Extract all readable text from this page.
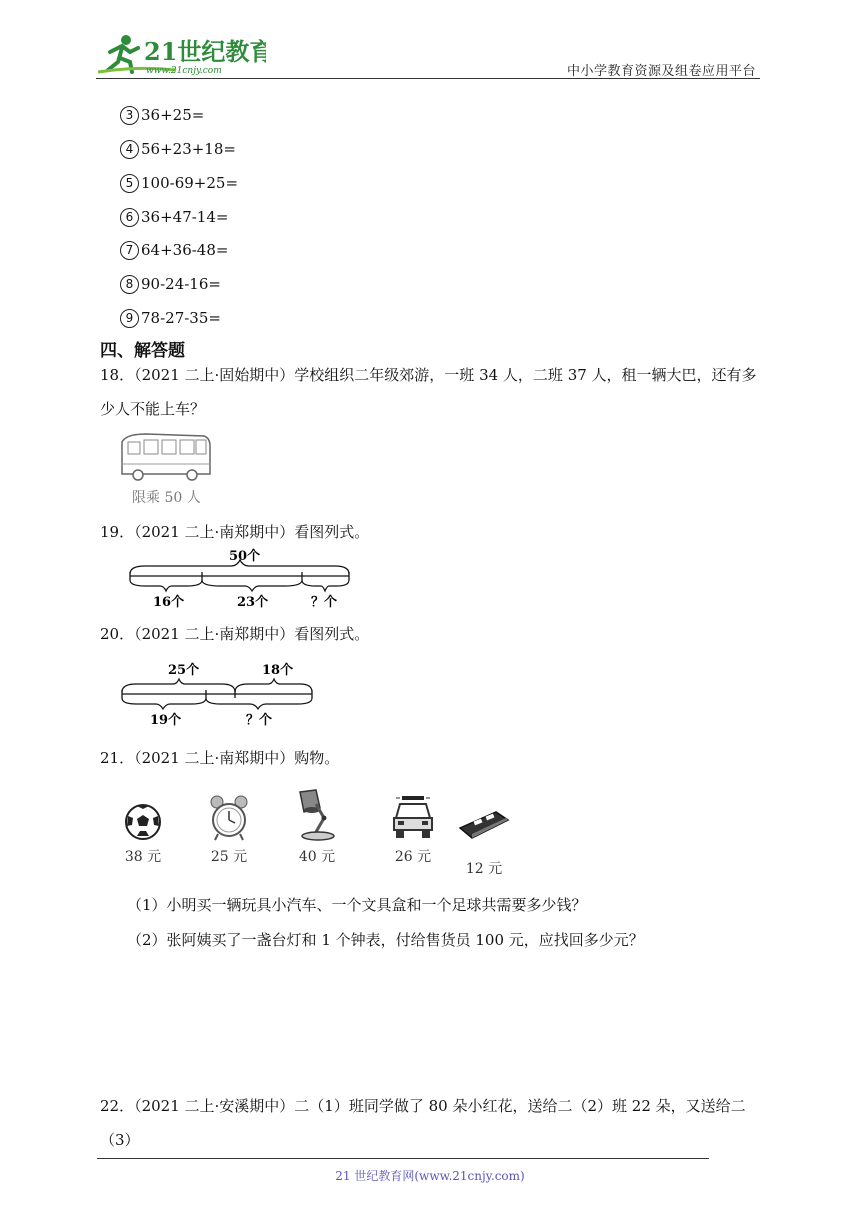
21世纪教育
www.21cnjy.com	中小学教育资源及组卷应用平台
3 36+25=
4 56+23+18=
5 100-69+25=
6 36+47-14=
7 64+36-48=
8 90-24-16=
9 78-27-35=
四、解答题
18．（2021 二上·固始期中）学校组织二年级郊游，一班 34 人，二班 37 人，租一辆大巴，还有多少人不能上车？
限乘 50 人
19．（2021 二上·南郑期中）看图列式。
50个
16个	23个	？个
20．（2021 二上·南郑期中）看图列式。
25个	18个
19个	？个
21．（2021 二上·南郑期中）购物。
38 元	25 元	40 元	26 元
12 元
（1）小明买一辆玩具小汽车、一个文具盒和一个足球共需要多少钱？
（2）张阿姨买了一盏台灯和 1 个钟表，付给售货员 100 元，应找回多少元？
22．（2021 二上·安溪期中）二（1）班同学做了 80 朵小红花，送给二（2）班 22 朵，又送给二（3）
21 世纪教育网(www.21cnjy.com)
